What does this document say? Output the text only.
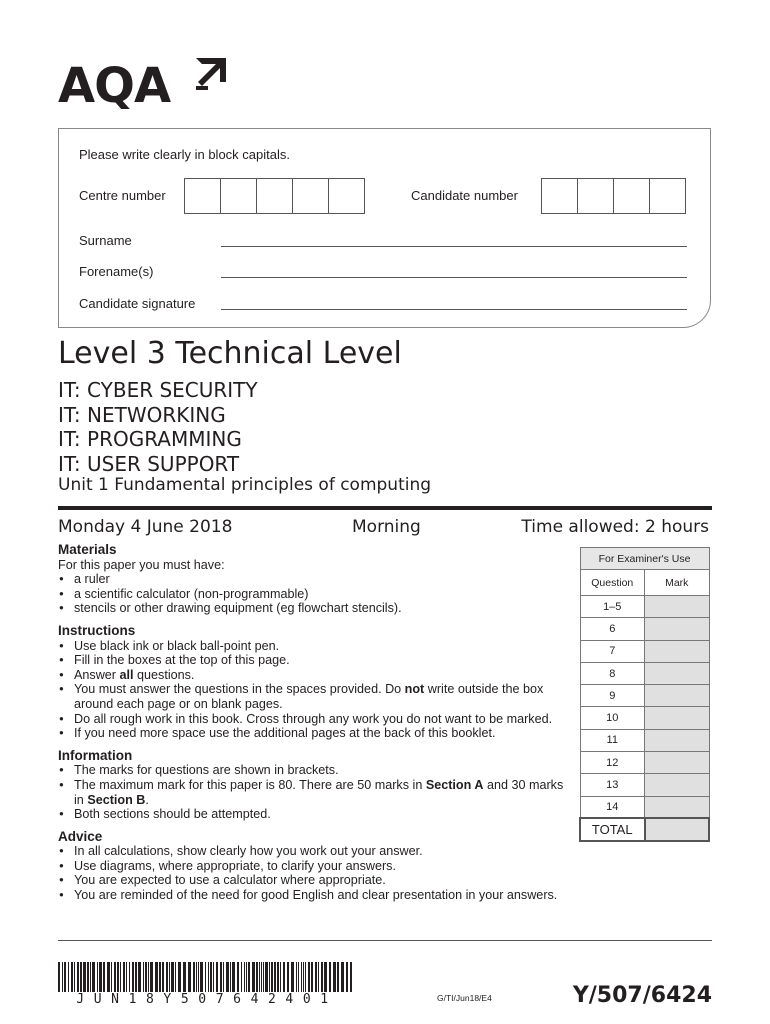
AQA
Please write clearly in block capitals.
Centre number	Candidate number
Surname
Forename(s)
Candidate signature
Level 3 Technical Level
IT: CYBER SECURITY
IT: NETWORKING
IT: PROGRAMMING
IT: USER SUPPORT
Unit 1 Fundamental principles of computing
Monday 4 June 2018	Morning	Time allowed: 2 hours
Materials
For this paper you must have:
● a ruler
● a scientific calculator (non-programmable)
● stencils or other drawing equipment (eg flowchart stencils).
Instructions
● Use black ink or black ball-point pen.
● Fill in the boxes at the top of this page.
● Answer all questions.
● You must answer the questions in the spaces provided. Do not write outside the box around each page or on blank pages.
● Do all rough work in this book. Cross through any work you do not want to be marked.
● If you need more space use the additional pages at the back of this booklet.
Information
● The marks for questions are shown in brackets.
● The maximum mark for this paper is 80. There are 50 marks in Section A and 30 marks in Section B.
● Both sections should be attempted.
Advice
● In all calculations, show clearly how you work out your answer.
● Use diagrams, where appropriate, to clarify your answers.
● You are expected to use a calculator where appropriate.
● You are reminded of the need for good English and clear presentation in your answers.
For Examiner's Use	
Question	Mark
1–5	
6	
7	
8	
9	
10	
11	
12	
13	
14	
TOTAL	
JUN18Y507642401	G/TI/Jun18/E4	Y/507/6424
